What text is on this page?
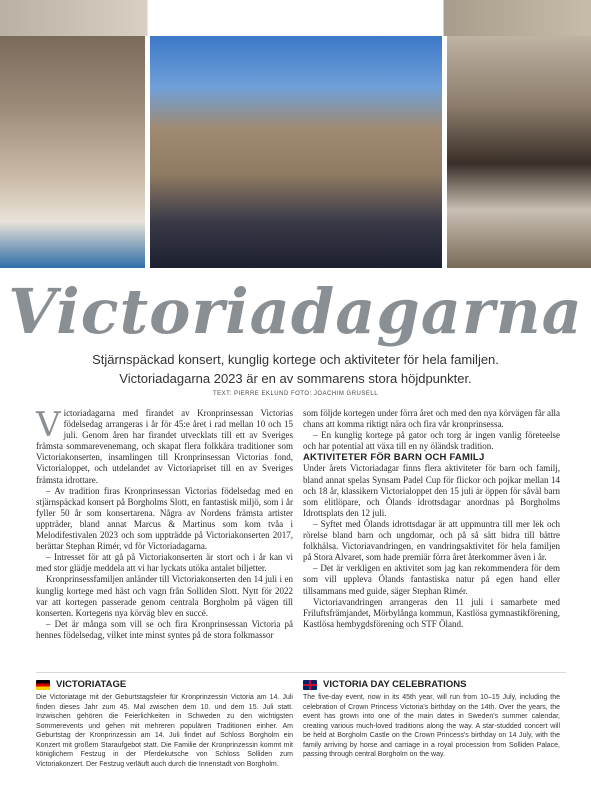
Victoriadagarna
Stjärnspäckad konsert, kunglig kortege och aktiviteter för hela familjen.
Victoriadagarna 2023 är en av sommarens stora höjdpunkter.
TEXT: PIERRE EKLUND FOTO: JOACHIM GRUSELL

Victoriadagarna med firandet av Kronprinsessan Victorias födelsedag arrangeras i år för 45:e året i rad mellan 10 och 15 juli. Genom åren har firandet utvecklats till ett av Sveriges främsta sommarevenemang, och skapat flera folkkära traditioner som Victoriakonserten, insamlingen till Kronprinsessan Victorias fond, Victorialoppet, och utdelandet av Victoriapriset till en av Sveriges främsta idrottare.

– Av tradition firas Kronprinsessan Victorias födelsedag med en stjärnspäckad konsert på Borgholms Slott, en fantastisk miljö, som i år fyller 50 år som konsertarena. Några av Nordens främsta artister uppträder, bland annat Marcus & Martinus som kom tvåa i Melodifestivalen 2023 och som uppträdde på Victoriakonserten 2017, berättar Stephan Rimér, vd för Victoriadagarna.

– Intresset för att gå på Victoriakonserten är stort och i år kan vi med stor glädje meddela att vi har lyckats utöka antalet biljetter.

Kronprinsessfamiljen anländer till Victoriakonserten den 14 juli i en kunglig kortege med häst och vagn från Solliden Slott. Nytt för 2022 var att kortegen passerade genom centrala Borgholm på vägen till konserten. Kortegens nya körväg blev en succé.

– Det är många som vill se och fira Kronprinsessan Victoria på hennes födelsedag, vilket inte minst syntes på de stora folkmassor

som följde kortegen under förra året och med den nya körvägen får alla chans att komma riktigt nära och fira vår kronprinsessa.

– En kunglig kortege på gator och torg är ingen vanlig företeelse och har potential att växa till en ny öländsk tradition.

AKTIVITETER FÖR BARN OCH FAMILJ

Under årets Victoriadagar finns flera aktiviteter för barn och familj, bland annat spelas Synsam Padel Cup för flickor och pojkar mellan 14 och 18 år, klassikern Victorialoppet den 15 juli är öppen för såväl barn som elitlöpare, och Ölands idrottsdagar anordnas på Borgholms Idrottsplats den 12 juli.

– Syftet med Ölands idrottsdagar är att uppmuntra till mer lek och rörelse bland barn och ungdomar, och på så sätt bidra till bättre folkhälsa. Victoriavandringen, en vandringsaktivitet för hela familjen på Stora Alvaret, som hade premiär förra året återkommer även i år.

– Det är verkligen en aktivitet som jag kan rekommendera för dem som vill uppleva Ölands fantastiska natur på egen hand eller tillsammans med guide, säger Stephan Rimér.

Victoriavandringen arrangeras den 11 juli i samarbete med Friluftsfrämjandet, Mörbylånga kommun, Kastlösa gymnastikförening, Kastlösa hembygdsförening och STF Öland.

VICTORIATAGE

Die Victoriatage mit der Geburtstagsfeier für Kronprinzessin Victoria am 14. Juli finden dieses Jahr zum 45. Mal zwischen dem 10. und dem 15. Juli statt. Inzwischen gehören die Feierlichkeiten in Schweden zu den wichtigsten Sommerevents und gehen mit mehreren populären Traditionen einher. Am Geburtstag der Kronprinzessin am 14. Juli findet auf Schloss Borgholm ein Konzert mit großem Staraufgebot statt. Die Familie der Kronprinzessin kommt mit königlichem Festzug in der Pferdekutsche von Schloss Solliden zum Victoriakonzert. Der Festzug verläuft auch durch die Innenstadt von Borgholm.

VICTORIA DAY CELEBRATIONS

The five-day event, now in its 45th year, will run from 10–15 July, including the celebration of Crown Princess Victoria's birthday on the 14th. Over the years, the event has grown into one of the main dates in Sweden's summer calendar, creating various much-loved traditions along the way. A star-studded concert will be held at Borgholm Castle on the Crown Princess's birthday on 14 July, with the family arriving by horse and carriage in a royal procession from Solliden Palace, passing through central Borgholm on the way.
